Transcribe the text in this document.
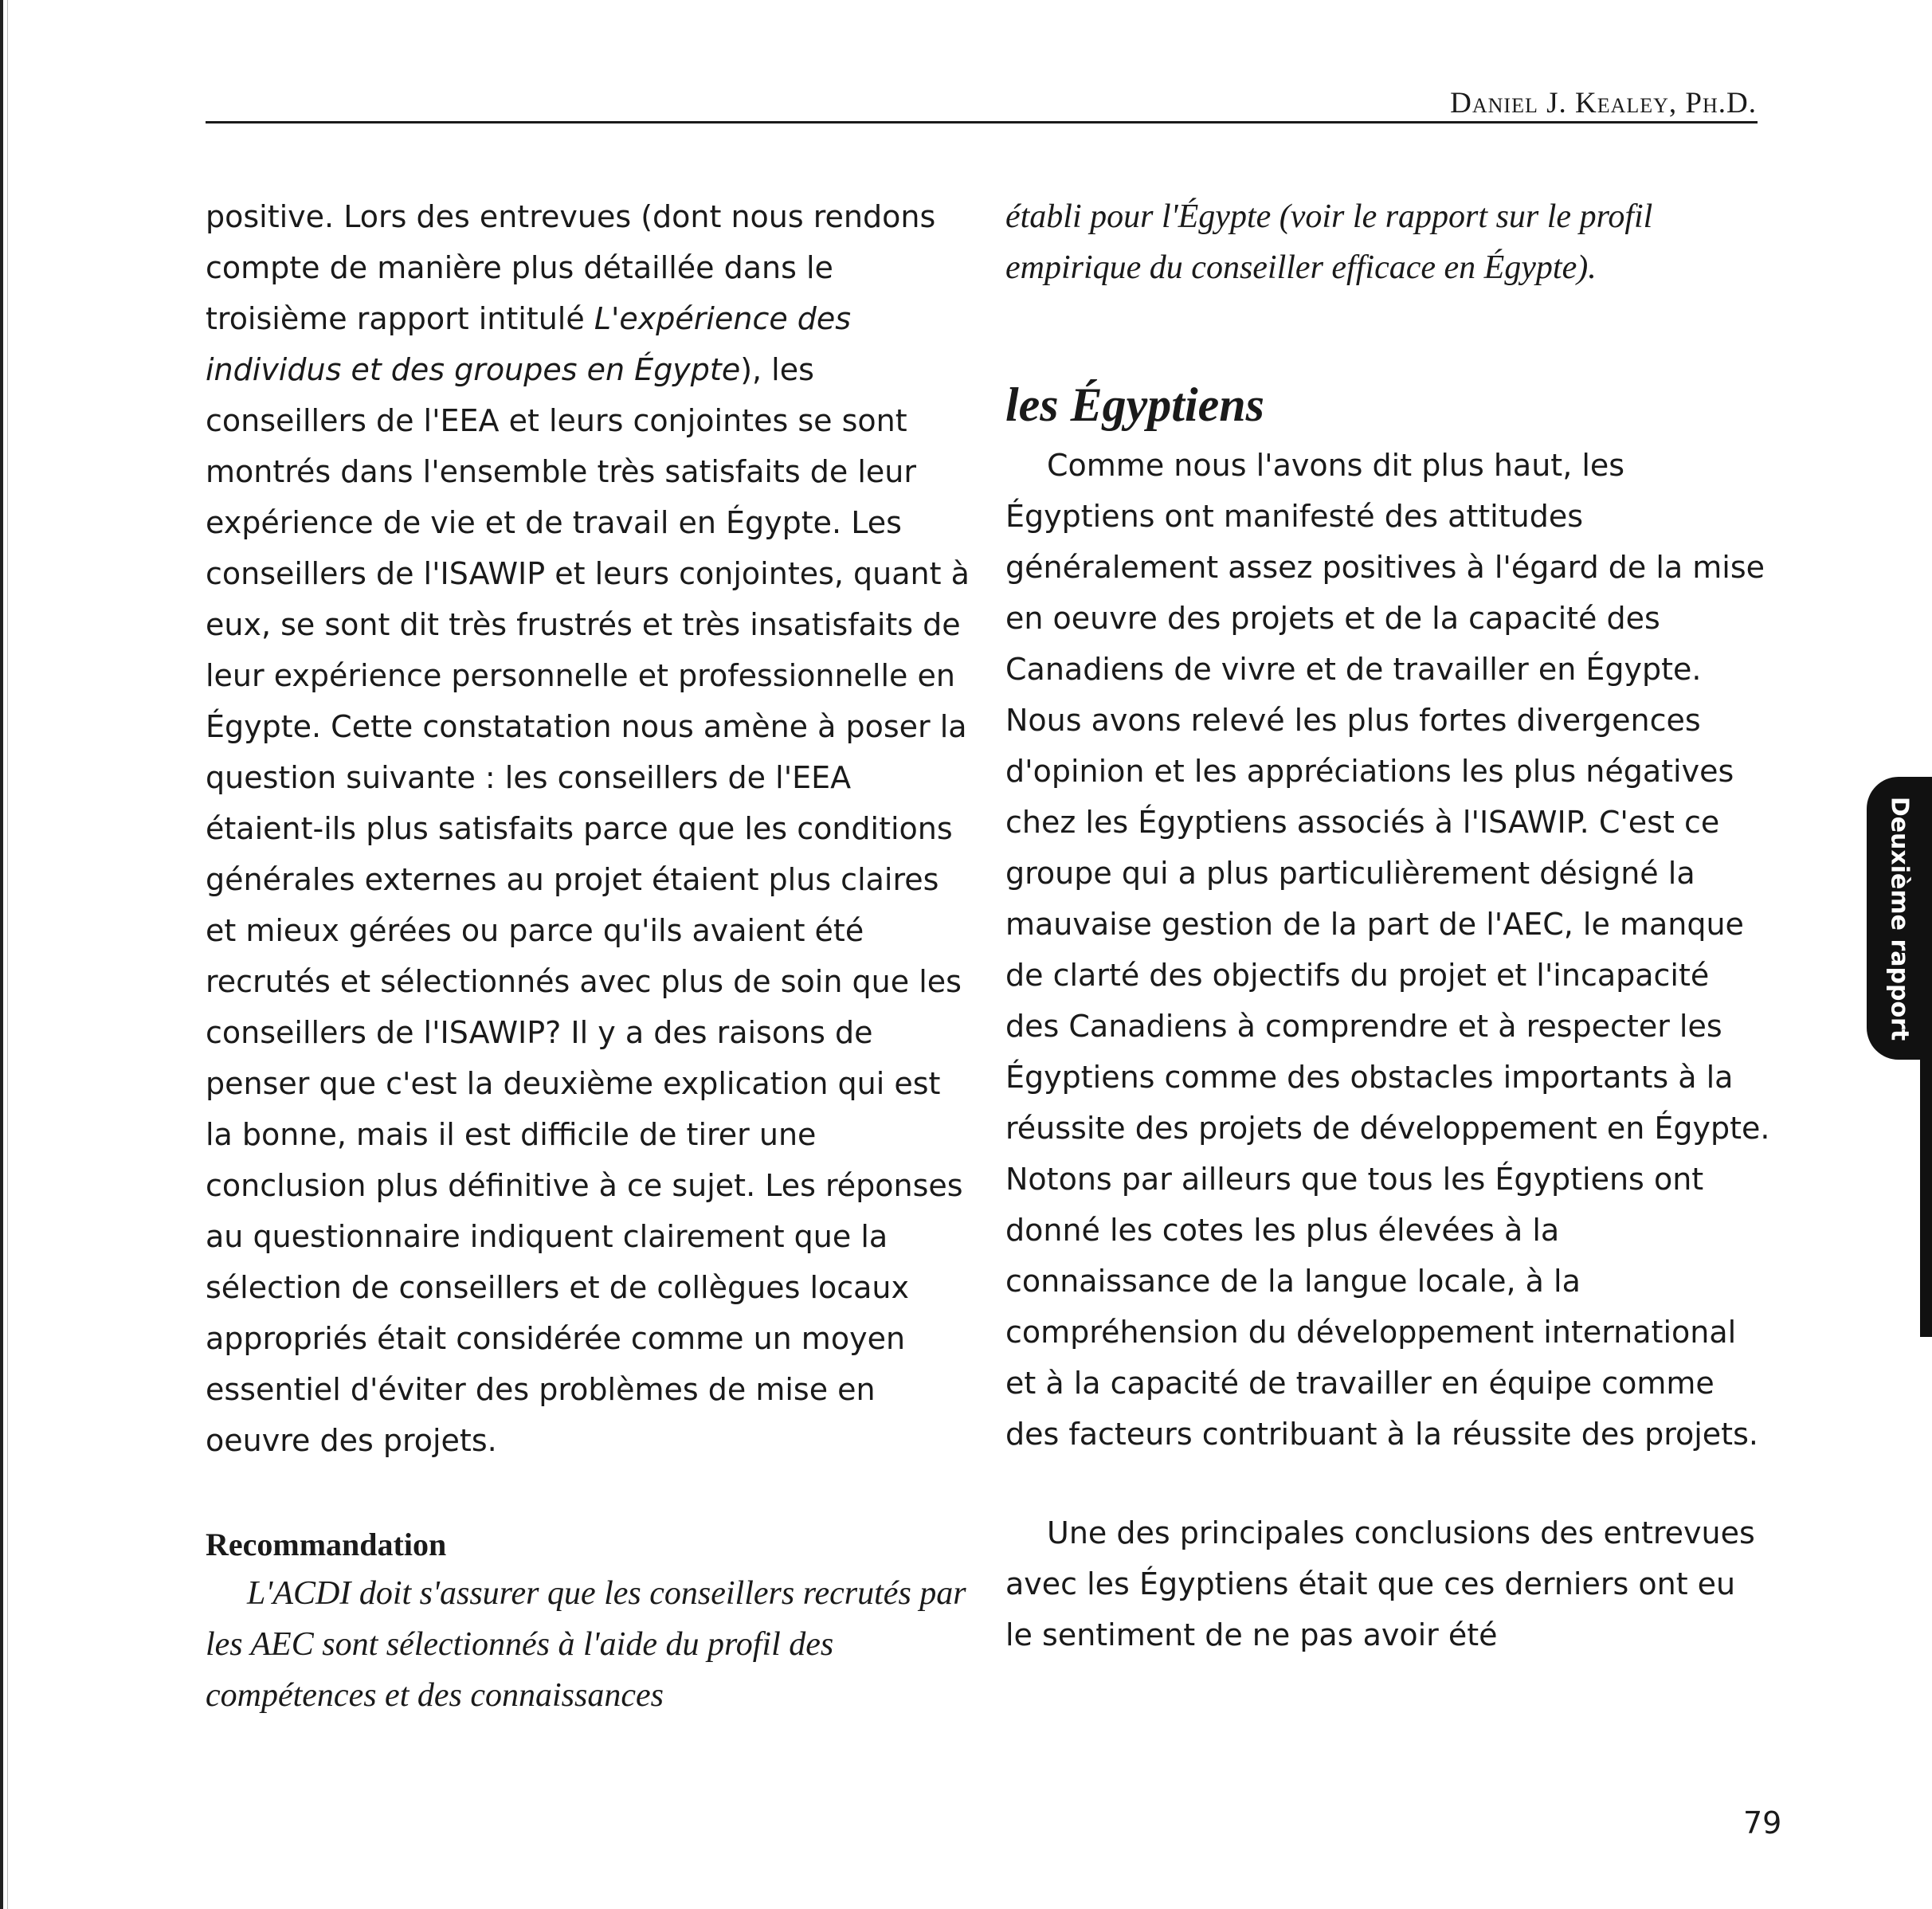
Daniel J. Kealey, Ph.D.

positive. Lors des entrevues (dont nous rendons compte de manière plus détaillée dans le troisième rapport intitulé L'expérience des individus et des groupes en Égypte), les conseillers de l'EEA et leurs conjointes se sont montrés dans l'ensemble très satisfaits de leur expérience de vie et de travail en Égypte. Les conseillers de l'ISAWIP et leurs conjointes, quant à eux, se sont dit très frustrés et très insatisfaits de leur expérience personnelle et professionnelle en Égypte. Cette constatation nous amène à poser la question suivante : les conseillers de l'EEA étaient-ils plus satisfaits parce que les conditions générales externes au projet étaient plus claires et mieux gérées ou parce qu'ils avaient été recrutés et sélectionnés avec plus de soin que les conseillers de l'ISAWIP? Il y a des raisons de penser que c'est la deuxième explication qui est la bonne, mais il est difficile de tirer une conclusion plus définitive à ce sujet. Les réponses au questionnaire indiquent clairement que la sélection de conseillers et de collègues locaux appropriés était considérée comme un moyen essentiel d'éviter des problèmes de mise en oeuvre des projets.

Recommandation

L'ACDI doit s'assurer que les conseillers recrutés par les AEC sont sélectionnés à l'aide du profil des compétences et des connaissances

établi pour l'Égypte (voir le rapport sur le profil empirique du conseiller efficace en Égypte).

les Égyptiens

Comme nous l'avons dit plus haut, les Égyptiens ont manifesté des attitudes généralement assez positives à l'égard de la mise en oeuvre des projets et de la capacité des Canadiens de vivre et de travailler en Égypte. Nous avons relevé les plus fortes divergences d'opinion et les appréciations les plus négatives chez les Égyptiens associés à l'ISAWIP. C'est ce groupe qui a plus particulièrement désigné la mauvaise gestion de la part de l'AEC, le manque de clarté des objectifs du projet et l'incapacité des Canadiens à comprendre et à respecter les Égyptiens comme des obstacles importants à la réussite des projets de développement en Égypte. Notons par ailleurs que tous les Égyptiens ont donné les cotes les plus élevées à la connaissance de la langue locale, à la compréhension du développement international et à la capacité de travailler en équipe comme des facteurs contribuant à la réussite des projets.

Une des principales conclusions des entrevues avec les Égyptiens était que ces derniers ont eu le sentiment de ne pas avoir été

Deuxième rapport
79
